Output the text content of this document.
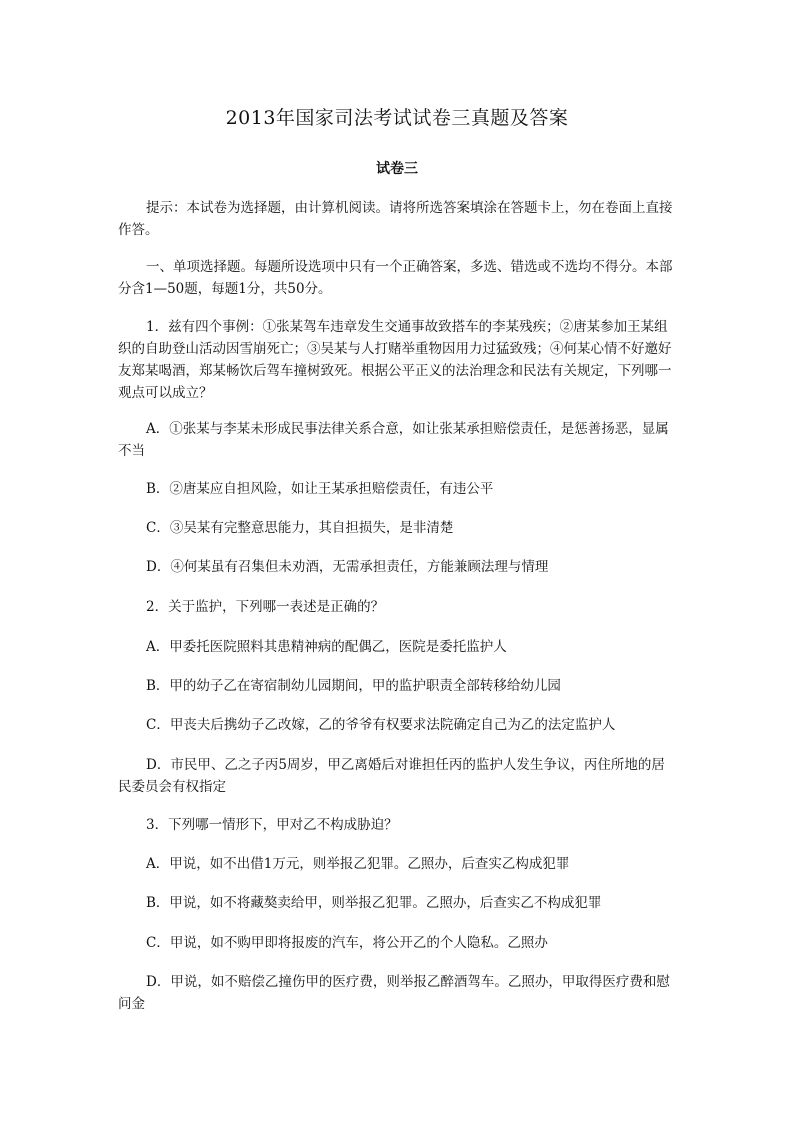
2013年国家司法考试试卷三真题及答案
试卷三

提示：本试卷为选择题，由计算机阅读。请将所选答案填涂在答题卡上，勿在卷面上直接作答。

一、单项选择题。每题所设选项中只有一个正确答案，多选、错选或不选均不得分。本部分含1—50题，每题1分，共50分。

1．兹有四个事例：①张某驾车违章发生交通事故致搭车的李某残疾；②唐某参加王某组织的自助登山活动因雪崩死亡；③吴某与人打赌举重物因用力过猛致残；④何某心情不好邀好友郑某喝酒，郑某畅饮后驾车撞树致死。根据公平正义的法治理念和民法有关规定，下列哪一观点可以成立？

A．①张某与李某未形成民事法律关系合意，如让张某承担赔偿责任，是惩善扬恶，显属不当

B．②唐某应自担风险，如让王某承担赔偿责任，有违公平

C．③吴某有完整意思能力，其自担损失，是非清楚

D．④何某虽有召集但未劝酒，无需承担责任，方能兼顾法理与情理

2．关于监护，下列哪一表述是正确的？

A．甲委托医院照料其患精神病的配偶乙，医院是委托监护人

B．甲的幼子乙在寄宿制幼儿园期间，甲的监护职责全部转移给幼儿园

C．甲丧夫后携幼子乙改嫁，乙的爷爷有权要求法院确定自己为乙的法定监护人

D．市民甲、乙之子丙5周岁，甲乙离婚后对谁担任丙的监护人发生争议，丙住所地的居民委员会有权指定

3．下列哪一情形下，甲对乙不构成胁迫？

A．甲说，如不出借1万元，则举报乙犯罪。乙照办，后查实乙构成犯罪

B．甲说，如不将藏獒卖给甲，则举报乙犯罪。乙照办，后查实乙不构成犯罪

C．甲说，如不购甲即将报废的汽车，将公开乙的个人隐私。乙照办

D．甲说，如不赔偿乙撞伤甲的医疗费，则举报乙醉酒驾车。乙照办，甲取得医疗费和慰问金
